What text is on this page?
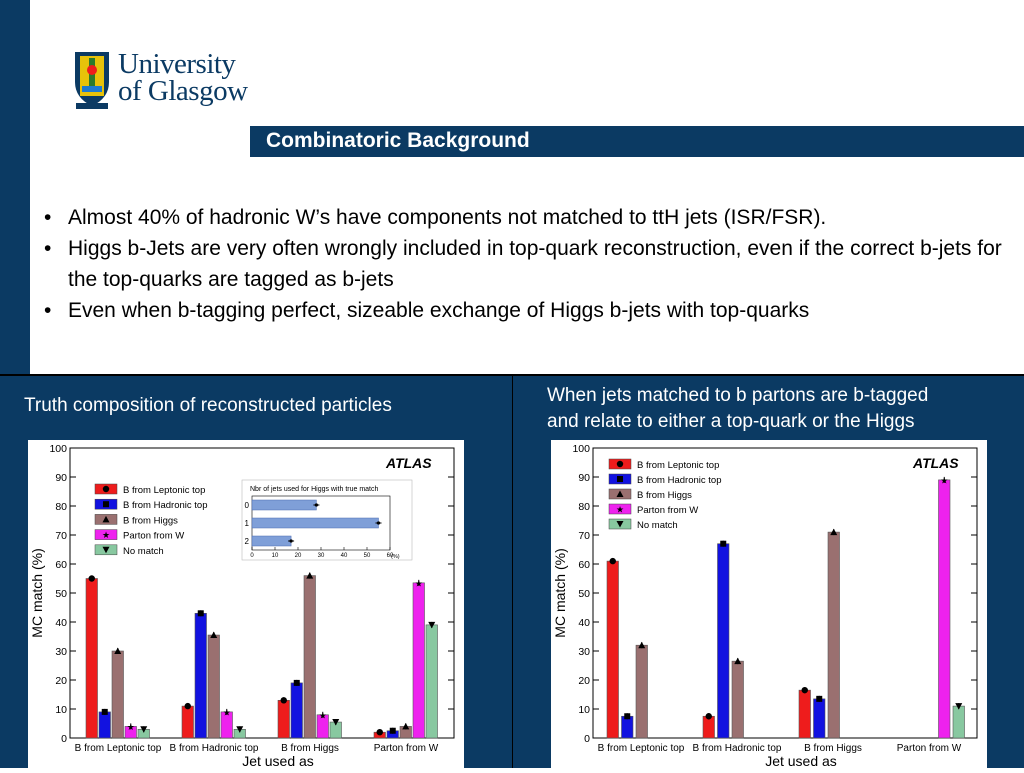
University
of Glasgow
Combinatoric Background
• Almost 40% of hadronic W’s have components not matched to ttH jets (ISR/FSR).
• Higgs b-Jets are very often wrongly included in top-quark reconstruction, even if the correct b-jets for the top-quarks are tagged as b-jets
• Even when b-tagging perfect, sizeable exchange of Higgs b-jets with top-quarks
Truth composition of reconstructed particles	When jets matched to b partons are b-tagged
and relate to either a top-quark or the Higgs
0
10
20
30
40
50
60
70
80
90
100
MC match (%)
Jet used as
ATLAS
B from Leptonic top
★
B from Hadronic top
★
B from Higgs
★
Parton from W
★
B from Leptonic top
B from Hadronic top
B from Higgs
★ Parton from W
No match
Nbr of jets used for Higgs with true match
0
1
2
0	10	20	30	40	50	60
(%)
0
10
20
30
40
50
60
70
80
90
100
MC match (%)
Jet used as
ATLAS
B from Leptonic top B from Hadronic top B from Higgs	Parton from W
★
B from Leptonic top
B from Hadronic top
B from Higgs
★ Parton from W
No match
